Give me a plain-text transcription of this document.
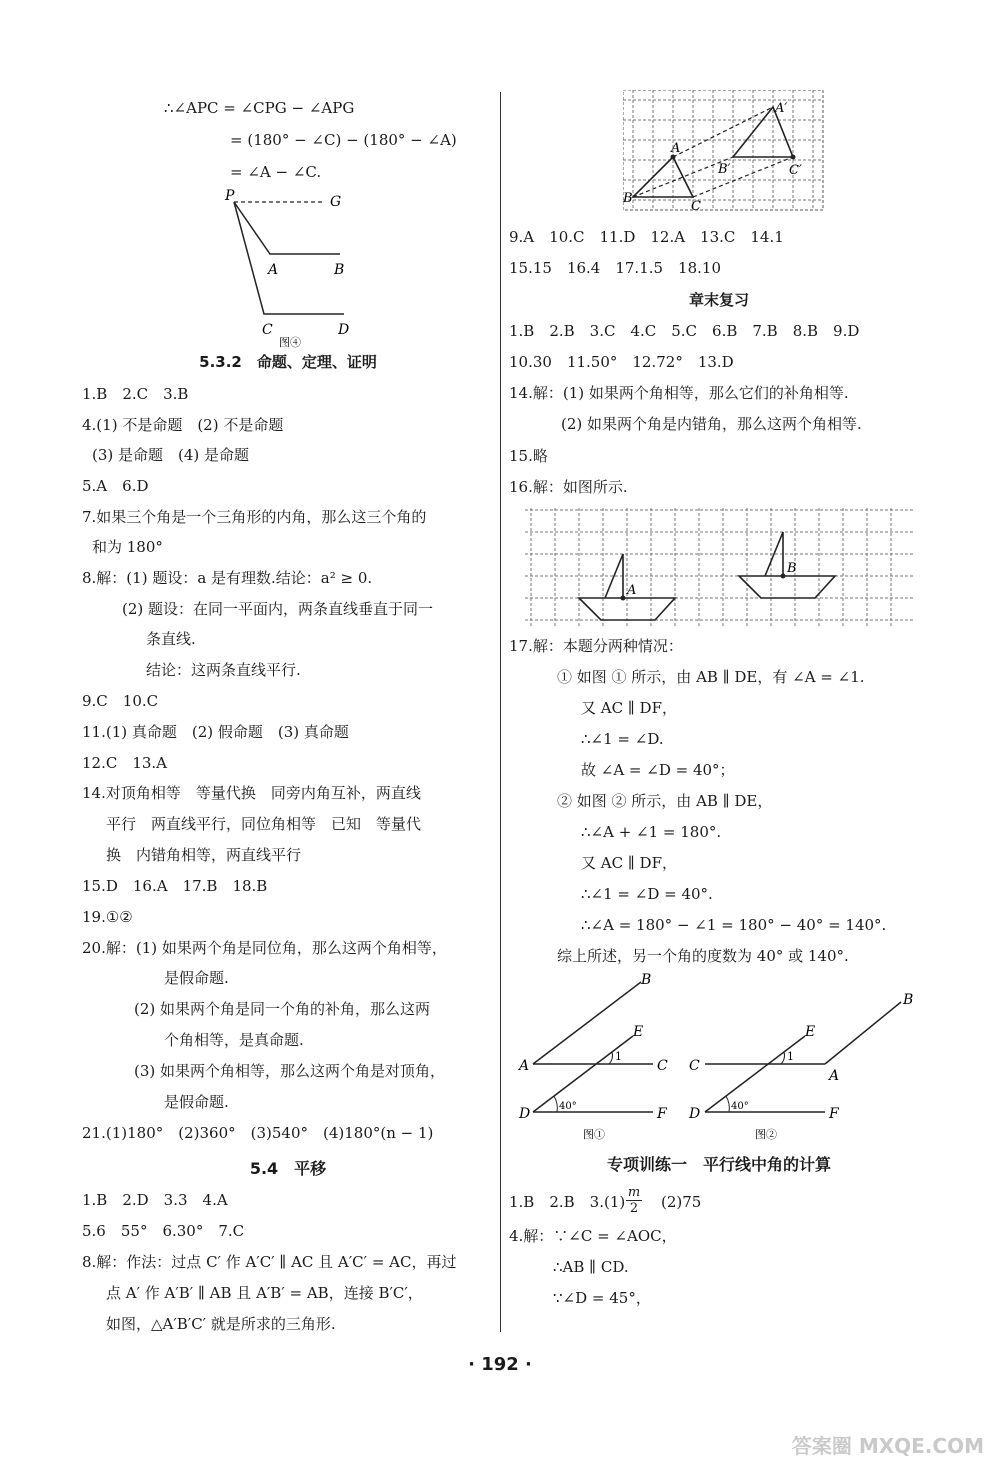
∴∠APC = ∠CPG − ∠APG
= (180° − ∠C) − (180° − ∠A)
= ∠A − ∠C.
P	G
A	B
C	D
图④
5.3.2　命题、定理、证明
1.B　2.C　3.B
4.(1) 不是命题　(2) 不是命题
(3) 是命题　(4) 是命题
5.A　6.D
7.如果三个角是一个三角形的内角，那么这三个角的
和为 180°
8.解：(1) 题设：a 是有理数.结论：a² ≥ 0.
(2) 题设：在同一平面内，两条直线垂直于同一
条直线.
结论：这两条直线平行.
9.C　10.C
11.(1) 真命题　(2) 假命题　(3) 真命题
12.C　13.A
14.对顶角相等　等量代换　同旁内角互补，两直线
平行　两直线平行，同位角相等　已知　等量代
换　内错角相等，两直线平行
15.D　16.A　17.B　18.B
19.①②
20.解：(1) 如果两个角是同位角，那么这两个角相等，
是假命题.
(2) 如果两个角是同一个角的补角，那么这两
个角相等，是真命题.
(3) 如果两个角相等，那么这两个角是对顶角，
是假命题.
21.(1)180°　(2)360°　(3)540°　(4)180°(n − 1)
5.4　平移
1.B　2.D　3.3　4.A
5.6　55°　6.30°　7.C
8.解：作法：过点 C′ 作 A′C′ ∥ AC 且 A′C′ = AC，再过
点 A′ 作 A′B′ ∥ AB 且 A′B′ = AB，连接 B′C′，
如图，△A′B′C′ 就是所求的三角形.
A′
A
B′	C′
B
C
9.A　10.C　11.D　12.A　13.C　14.1
15.15　16.4　17.1.5　18.10
章末复习
1.B　2.B　3.C　4.C　5.C　6.B　7.B　8.B　9.D
10.30　11.50°　12.72°　13.D
14.解：(1) 如果两个角相等，那么它们的补角相等.
(2) 如果两个角是内错角，那么这两个角相等.
15.略
16.解：如图所示.
A
B
17.解：本题分两种情况：
① 如图 ① 所示，由 AB ∥ DE，有 ∠A = ∠1.
又 AC ∥ DF，
∴∠1 = ∠D.
故 ∠A = ∠D = 40°；
② 如图 ② 所示，由 AB ∥ DE，
∴∠A + ∠1 = 180°.
又 AC ∥ DF，
∴∠1 = ∠D = 40°.
∴∠A = 180° − ∠1 = 180° − 40° = 140°.
综上所述，另一个角的度数为 40° 或 140°.
B
E
A
1
C
D	40°	F
图①
B
E
C
1
A
D	40°	F
图②
专项训练一　平行线中角的计算
1.B　2.B　3.(1)
m
2 (2)75
4.解：∵∠C = ∠AOC，
∴AB ∥ CD.
∵∠D = 45°，
· 192 ·
答案圈 MXQE.COM
